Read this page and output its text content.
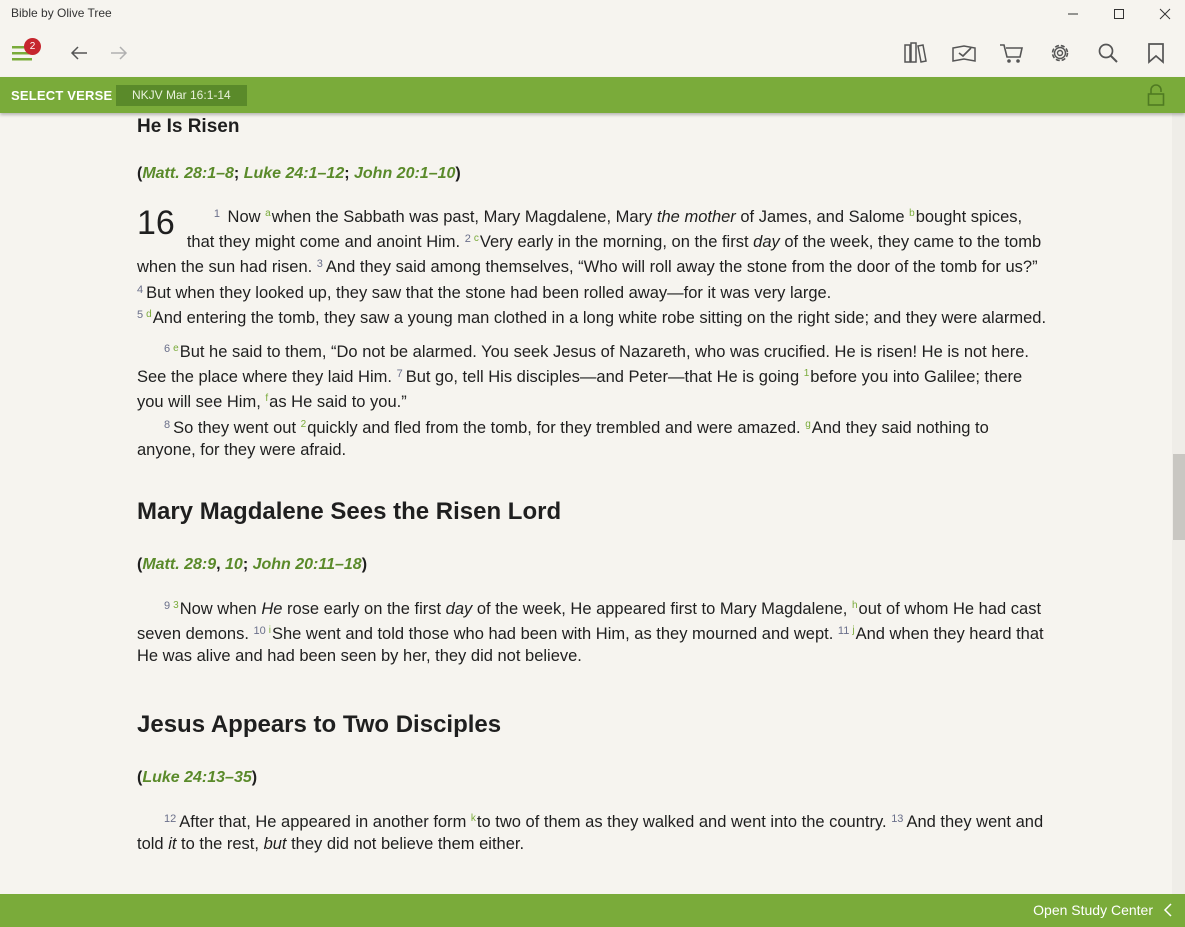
Bible by Olive Tree
2
SELECT VERSE	NKJV Mar 16:1-14
He Is Risen
(Matt. 28:1–8; Luke 24:1–12; John 20:1–10)
16	$^1$ Now $^a$when the Sabbath was past, Mary Magdalene, Mary the mother of James, and Salome $^b$bought spices, that they might come and anoint Him. $^2$ $^c$Very early in the morning, on the first day of the week, they came to the tomb when the sun had risen. $^3$ And they said among themselves, “Who will roll away the stone from the door of the tomb for us?” $^4$ But when they looked up, they saw that the stone had been rolled away—for it was very large.
$^5$ $^d$And entering the tomb, they saw a young man clothed in a long white robe sitting on the right side; and they were alarmed.
$^6$ $^e$But he said to them, “Do not be alarmed. You seek Jesus of Nazareth, who was crucified. He is risen! He is not here. See the place where they laid Him. $^7$ But go, tell His disciples—and Peter—that He is going $^1$before you into Galilee; there you will see Him, $^f$as He said to you.”
$^8$ So they went out $^2$quickly and fled from the tomb, for they trembled and were amazed. $^g$And they said nothing to anyone, for they were afraid.
Mary Magdalene Sees the Risen Lord
(Matt. 28:9, 10; John 20:11–18)
$^9$ $^3$Now when He rose early on the first day of the week, He appeared first to Mary Magdalene, $^h$out of whom He had cast seven demons. $^{10}$ $^i$She went and told those who had been with Him, as they mourned and wept. $^{11}$ $^j$And when they heard that He was alive and had been seen by her, they did not believe.
Jesus Appears to Two Disciples
(Luke 24:13–35)
$^{12}$ After that, He appeared in another form $^k$to two of them as they walked and went into the country. $^{13}$ And they went and told it to the rest, but they did not believe them either.
Open Study Center
